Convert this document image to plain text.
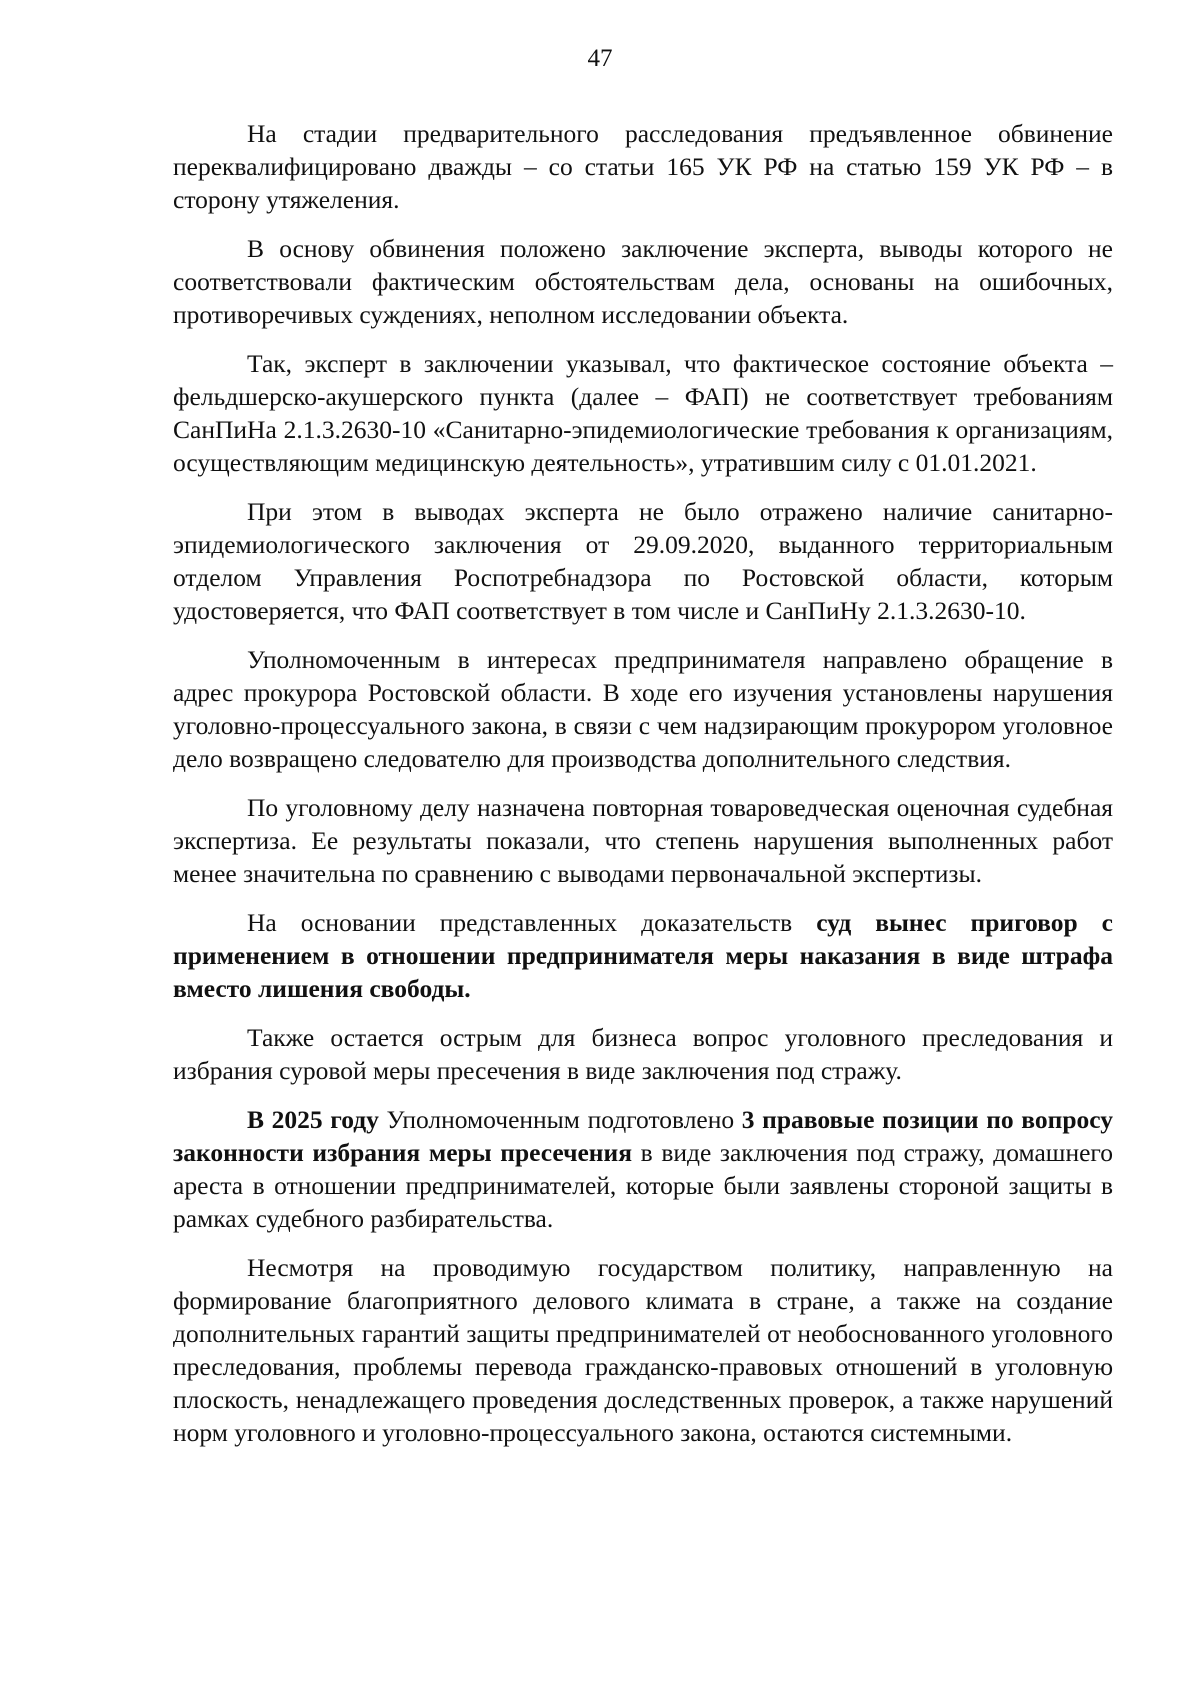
47

На стадии предварительного расследования предъявленное обвинение переквалифицировано дважды – со статьи 165 УК РФ на статью 159 УК РФ – в сторону утяжеления.

В основу обвинения положено заключение эксперта, выводы которого не соответствовали фактическим обстоятельствам дела, основаны на ошибочных, противоречивых суждениях, неполном исследовании объекта.

Так, эксперт в заключении указывал, что фактическое состояние объекта – фельдшерско-акушерского пункта (далее – ФАП) не соответствует требованиям СанПиНа 2.1.3.2630-10 «Санитарно-эпидемиологические требования к организациям, осуществляющим медицинскую деятельность», утратившим силу с 01.01.2021.

При этом в выводах эксперта не было отражено наличие санитарно-эпидемиологического заключения от 29.09.2020, выданного территориальным отделом Управления Роспотребнадзора по Ростовской области, которым удостоверяется, что ФАП соответствует в том числе и СанПиНу 2.1.3.2630-10.

Уполномоченным в интересах предпринимателя направлено обращение в адрес прокурора Ростовской области. В ходе его изучения установлены нарушения уголовно-процессуального закона, в связи с чем надзирающим прокурором уголовное дело возвращено следователю для производства дополнительного следствия.

По уголовному делу назначена повторная товароведческая оценочная судебная экспертиза. Ее результаты показали, что степень нарушения выполненных работ менее значительна по сравнению с выводами первоначальной экспертизы.

На основании представленных доказательств суд вынес приговор с применением в отношении предпринимателя меры наказания в виде штрафа вместо лишения свободы.

Также остается острым для бизнеса вопрос уголовного преследования и избрания суровой меры пресечения в виде заключения под стражу.

В 2025 году Уполномоченным подготовлено 3 правовые позиции по вопросу законности избрания меры пресечения в виде заключения под стражу, домашнего ареста в отношении предпринимателей, которые были заявлены стороной защиты в рамках судебного разбирательства.

Несмотря на проводимую государством политику, направленную на формирование благоприятного делового климата в стране, а также на создание дополнительных гарантий защиты предпринимателей от необоснованного уголовного преследования, проблемы перевода гражданско-правовых отношений в уголовную плоскость, ненадлежащего проведения доследственных проверок, а также нарушений норм уголовного и уголовно-процессуального закона, остаются системными.
